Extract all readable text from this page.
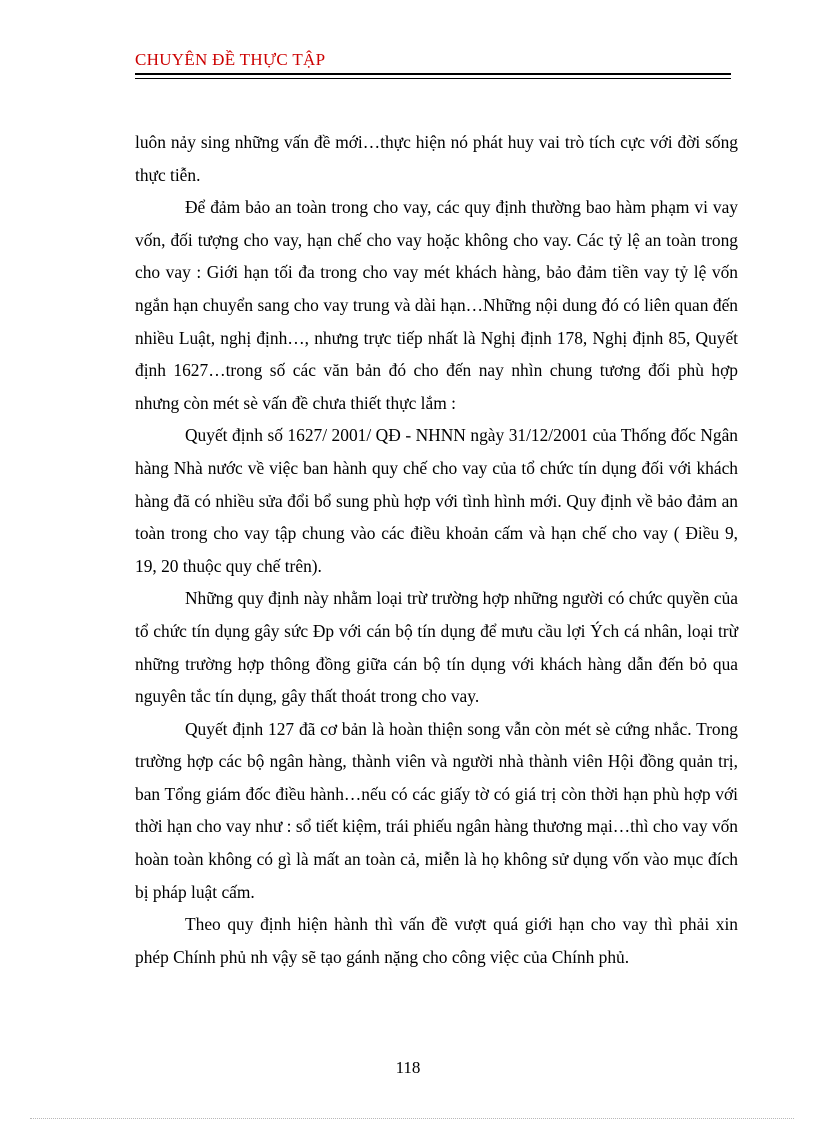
CHUYÊN ĐỀ THỰC TẬP

luôn nảy sing những vấn đề mới…thực hiện nó phát huy vai trò tích cực với đời sống thực tiễn.

Để đảm bảo an toàn trong cho vay, các quy định thường bao hàm phạm vi vay vốn, đối tượng cho vay, hạn chế cho vay hoặc không cho vay. Các tỷ lệ an toàn trong cho vay : Giới hạn tối đa trong cho vay mét khách hàng, bảo đảm tiền vay tỷ lệ vốn ngắn hạn chuyển sang cho vay trung và dài hạn…Những nội dung đó có liên quan đến nhiều Luật, nghị định…, nhưng trực tiếp nhất là Nghị định 178, Nghị định 85, Quyết định 1627…trong số các văn bản đó cho đến nay nhìn chung tương đối phù hợp nhưng còn mét sè vấn đề chưa thiết thực lắm :

Quyết định số 1627/ 2001/ QĐ - NHNN ngày 31/12/2001 của Thống đốc Ngân hàng Nhà nước về việc ban hành quy chế cho vay của tổ chức tín dụng đối với khách hàng đã có nhiều sửa đổi bổ sung phù hợp với tình hình mới. Quy định về bảo đảm an toàn trong cho vay tập chung vào các điều khoản cấm và hạn chế cho vay ( Điều 9, 19, 20 thuộc quy chế trên).

Những quy định này nhằm loại trừ trường hợp những người có chức quyền của tổ chức tín dụng gây sức Đp với cán bộ tín dụng để mưu cầu lợi Ých cá nhân, loại trừ những trường hợp thông đồng giữa cán bộ tín dụng với khách hàng dẫn đến bỏ qua nguyên tắc tín dụng, gây thất thoát trong cho vay.

Quyết định 127 đã cơ bản là hoàn thiện song vẫn còn mét sè cứng nhắc. Trong trường hợp các bộ ngân hàng, thành viên và người nhà thành viên Hội đồng quản trị, ban Tổng giám đốc điều hành…nếu có các giấy tờ có giá trị còn thời hạn phù hợp với thời hạn cho vay như : sổ tiết kiệm, trái phiếu ngân hàng thương mại…thì cho vay vốn hoàn toàn không có gì là mất an toàn cả, miễn là họ không sử dụng vốn vào mục đích bị pháp luật cấm.

Theo quy định hiện hành thì vấn đề vượt quá giới hạn cho vay thì phải xin phép Chính phủ nh vậy sẽ tạo gánh nặng cho công việc của Chính phủ.

118
